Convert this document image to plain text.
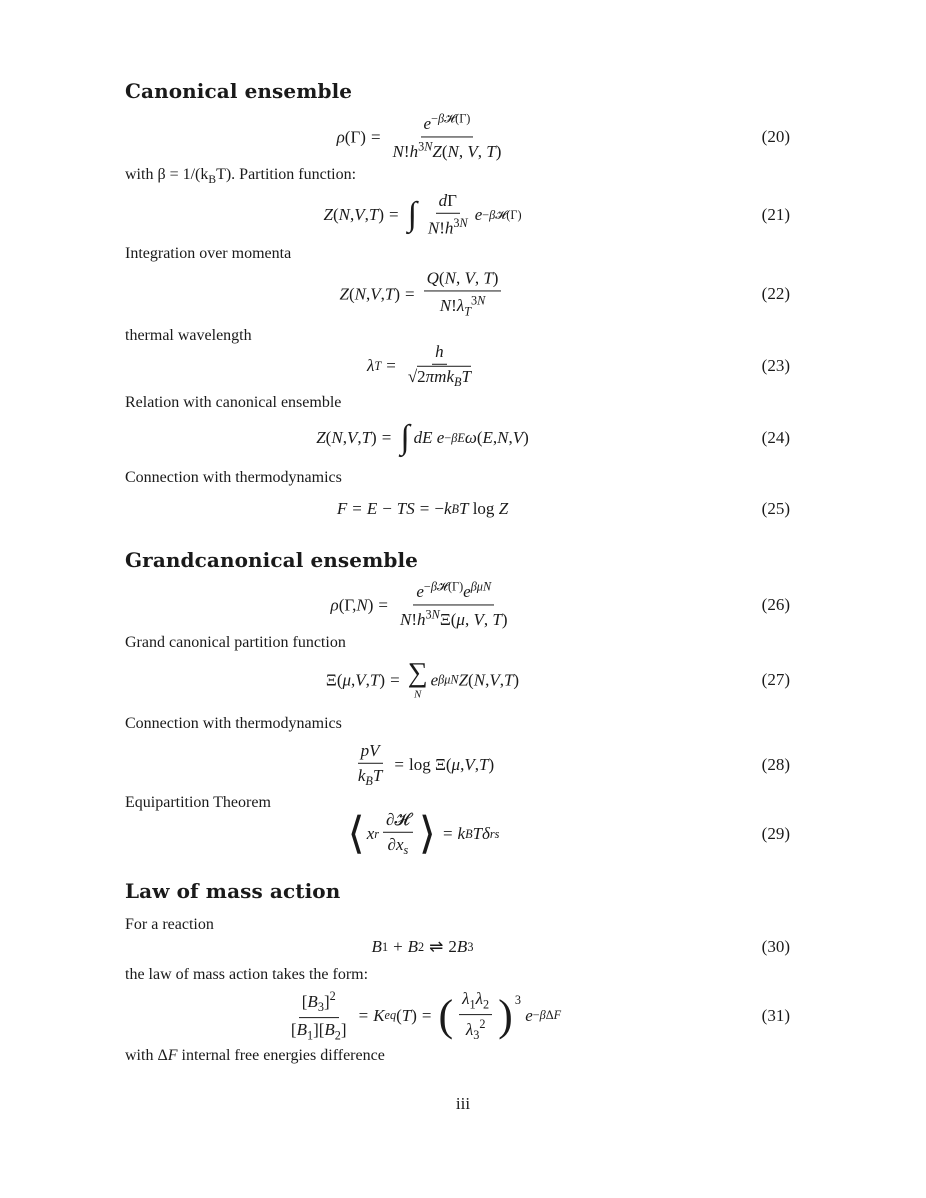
Canonical ensemble
ρ $(\Gamma) = \frac{e^{-\beta 𝓗(\Gamma)}}{N!h^{3N}Z(N, V, T)}$	(20)
with $\beta = 1/(k_BT)$. Partition function:
Z ( N , V , T ) = ∫ $\frac{d\Gamma}{N!h^{3N}}$ e −β𝓗(Γ)	(21)
Integration over momenta
Z ( N , V , T ) = $\frac{Q(N, V, T)}{N!\lambda_T^{3N}}$	(22)
thermal wavelength
λ $T = \frac{h}{√2\pi mk_BT}$	(23)
Relation with canonical ensemble
Z ( N , V , T ) = ∫ dE
e −βE ω ( E , N , V )	(24)
Connection with thermodynamics
F = E − TS = − k B T log Z	(25)
Grandcanonical ensemble
ρ (Γ, N ) = $\frac{e^{-\beta 𝓗(\Gamma)}e^{\beta\mu N}}{N!h^{3N}\Xi(\mu, V, T)}$	(26)
Grand canonical partition function
Ξ( μ , V , T ) = ∑
N
e βμN Z ( N , V , T )	(27)
Connection with thermodynamics
$\frac{pV}{k_BT} = \log \Xi$( μ , V , T )	(28)
Equipartition Theorem
⟨ x r $\frac{\text{∂𝓗}}{\partial x_s}$ ⟩ = k B Tδ rs	(29)
Law of mass action
For a reaction
B 1 + B 2 ⇌ 2 B 3	(30)
the law of mass action takes the form:
$\frac{[B_3]^2}{[B_1][B_2]} = K$ eq ( T ) = ( $\frac{\lambda_1\lambda_2}{\lambda_3^2} )^3$

e −βΔF	(31)
with ΔF internal free energies difference
iii
